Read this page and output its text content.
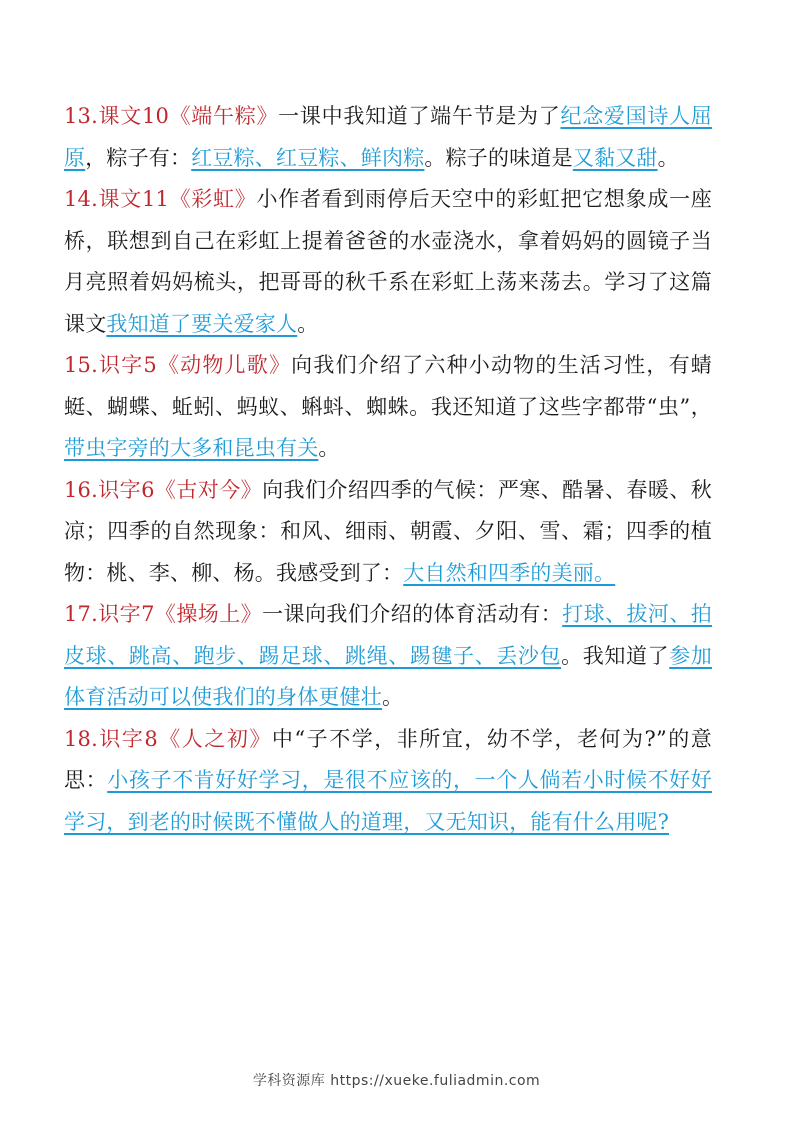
13.课文10《端午粽》一课中我知道了端午节是为了纪念爱国诗人屈原，粽子有：红豆粽、红豆粽、鲜肉粽。粽子的味道是又黏又甜。

14.课文11《彩虹》小作者看到雨停后天空中的彩虹把它想象成一座桥，联想到自己在彩虹上提着爸爸的水壶浇水，拿着妈妈的圆镜子当月亮照着妈妈梳头，把哥哥的秋千系在彩虹上荡来荡去。学习了这篇课文我知道了要关爱家人。

15.识字5《动物儿歌》向我们介绍了六种小动物的生活习性，有蜻蜓、蝴蝶、蚯蚓、蚂蚁、蝌蚪、蜘蛛。我还知道了这些字都带“虫”，带虫字旁的大多和昆虫有关。

16.识字6《古对今》向我们介绍四季的气候：严寒、酷暑、春暖、秋凉；四季的自然现象：和风、细雨、朝霞、夕阳、雪、霜；四季的植物：桃、李、柳、杨。我感受到了：大自然和四季的美丽。

17.识字7《操场上》一课向我们介绍的体育活动有：打球、拔河、拍皮球、跳高、跑步、踢足球、跳绳、踢毽子、丢沙包。我知道了参加体育活动可以使我们的身体更健壮。

18.识字8《人之初》中“子不学，非所宜，幼不学，老何为?”的意思：小孩子不肯好好学习，是很不应该的，一个人倘若小时候不好好学习，到老的时候既不懂做人的道理，又无知识，能有什么用呢?

学科资源库 https://xueke.fuliadmin.com
